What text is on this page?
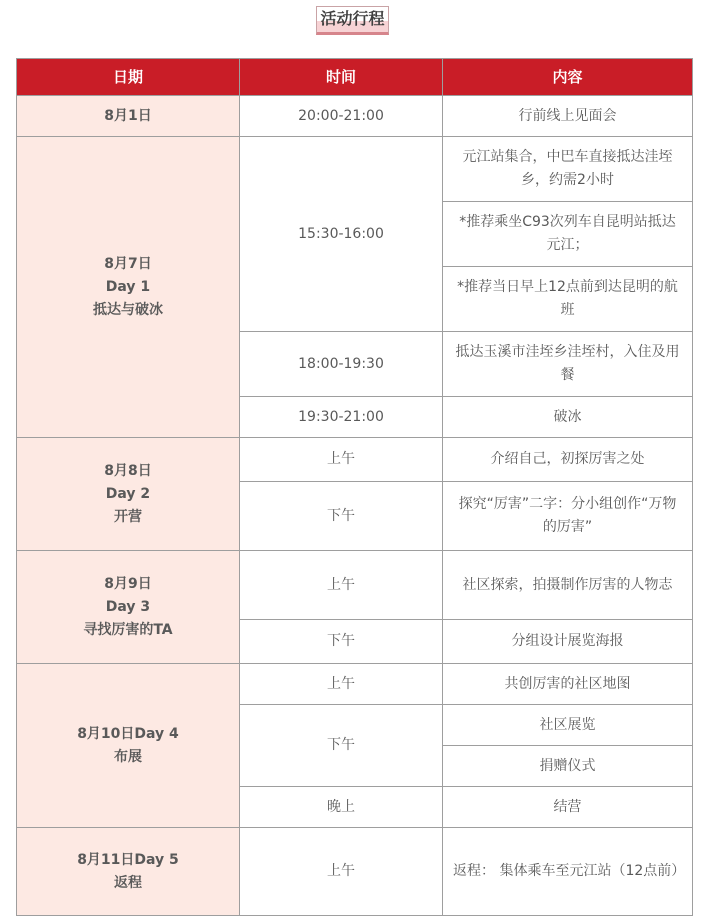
活动行程
日期	时间	内容

8月1日	20:00-21:00	行前线上见面会

8月7日
Day 1
抵达与破冰	15:30-16:00	元江站集合，中巴车直接抵达洼垤乡，约需2小时
		*推荐乘坐C93次列车自昆明站抵达元江；
		*推荐当日早上12点前到达昆明的航班
	18:00-19:30	抵达玉溪市洼垤乡洼垤村，入住及用餐
	19:30-21:00	破冰

8月8日
Day 2
开营	上午	介绍自己，初探厉害之处
	下午	探究“厉害”二字：分小组创作“万物的厉害”

8月9日
Day 3
寻找厉害的TA	上午	社区探索，拍摄制作厉害的人物志
	下午	分组设计展览海报

8月10日Day 4
布展	上午	共创厉害的社区地图
	下午	社区展览
		捐赠仪式
	晚上	结营

8月11日Day 5
返程	上午	返程： 集体乘车至元江站（12点前）
